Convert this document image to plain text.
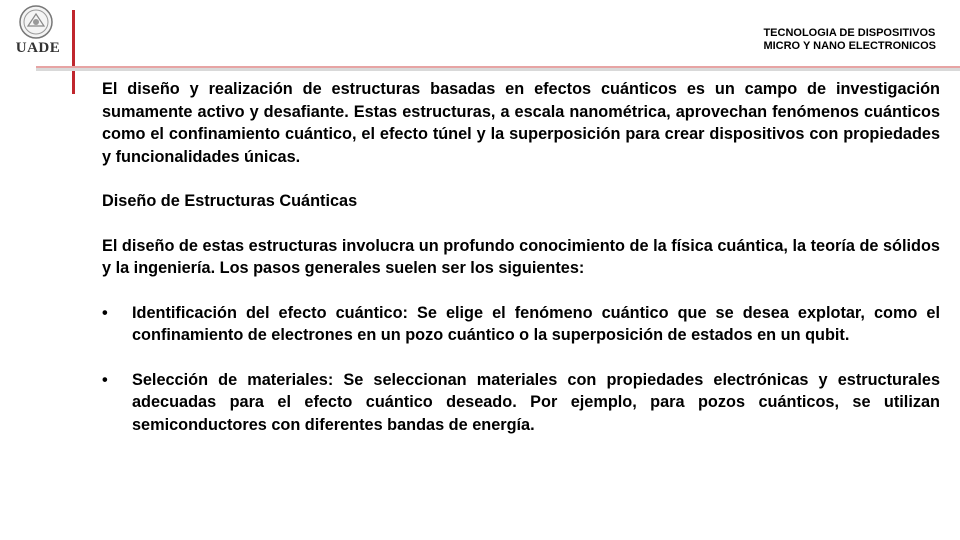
UADE
TECNOLOGIA DE DISPOSITIVOS
MICRO Y NANO ELECTRONICOS

El diseño y realización de estructuras basadas en efectos cuánticos es un campo de investigación sumamente activo y desafiante. Estas estructuras, a escala nanométrica, aprovechan fenómenos cuánticos como el confinamiento cuántico, el efecto túnel y la superposición para crear dispositivos con propiedades y funcionalidades únicas.

Diseño de Estructuras Cuánticas

El diseño de estas estructuras involucra un profundo conocimiento de la física cuántica, la teoría de sólidos y la ingeniería. Los pasos generales suelen ser los siguientes:

•	Identificación del efecto cuántico: Se elige el fenómeno cuántico que se desea explotar, como el confinamiento de electrones en un pozo cuántico o la superposición de estados en un qubit.

•	Selección de materiales: Se seleccionan materiales con propiedades electrónicas y estructurales adecuadas para el efecto cuántico deseado. Por ejemplo, para pozos cuánticos, se utilizan semiconductores con diferentes bandas de energía.
